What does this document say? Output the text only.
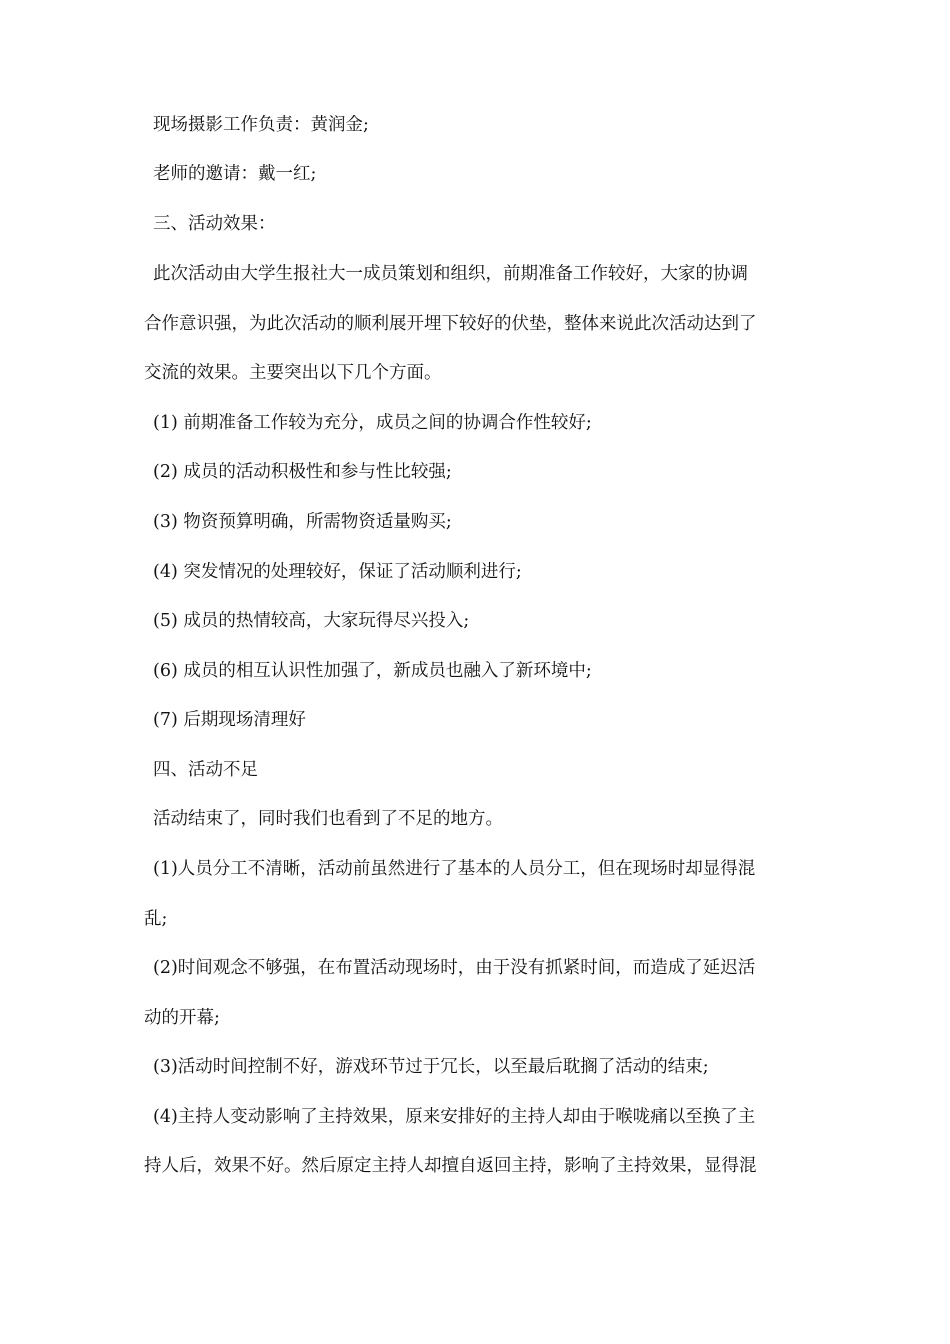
现场摄影工作负责：黄润金;

老师的邀请：戴一红;

三、活动效果：

此次活动由大学生报社大一成员策划和组织，前期准备工作较好，大家的协调

合作意识强，为此次活动的顺利展开埋下较好的伏垫，整体来说此次活动达到了

交流的效果。主要突出以下几个方面。

(1) 前期准备工作较为充分，成员之间的协调合作性较好;

(2) 成员的活动积极性和参与性比较强;

(3) 物资预算明确，所需物资适量购买;

(4) 突发情况的处理较好，保证了活动顺利进行;

(5) 成员的热情较高，大家玩得尽兴投入;

(6) 成员的相互认识性加强了，新成员也融入了新环境中;

(7) 后期现场清理好

四、活动不足

活动结束了，同时我们也看到了不足的地方。

(1)人员分工不清晰，活动前虽然进行了基本的人员分工，但在现场时却显得混

乱;

(2)时间观念不够强，在布置活动现场时，由于没有抓紧时间，而造成了延迟活

动的开幕;

(3)活动时间控制不好，游戏环节过于冗长，以至最后耽搁了活动的结束;

(4)主持人变动影响了主持效果，原来安排好的主持人却由于喉咙痛以至换了主

持人后，效果不好。然后原定主持人却擅自返回主持，影响了主持效果，显得混
